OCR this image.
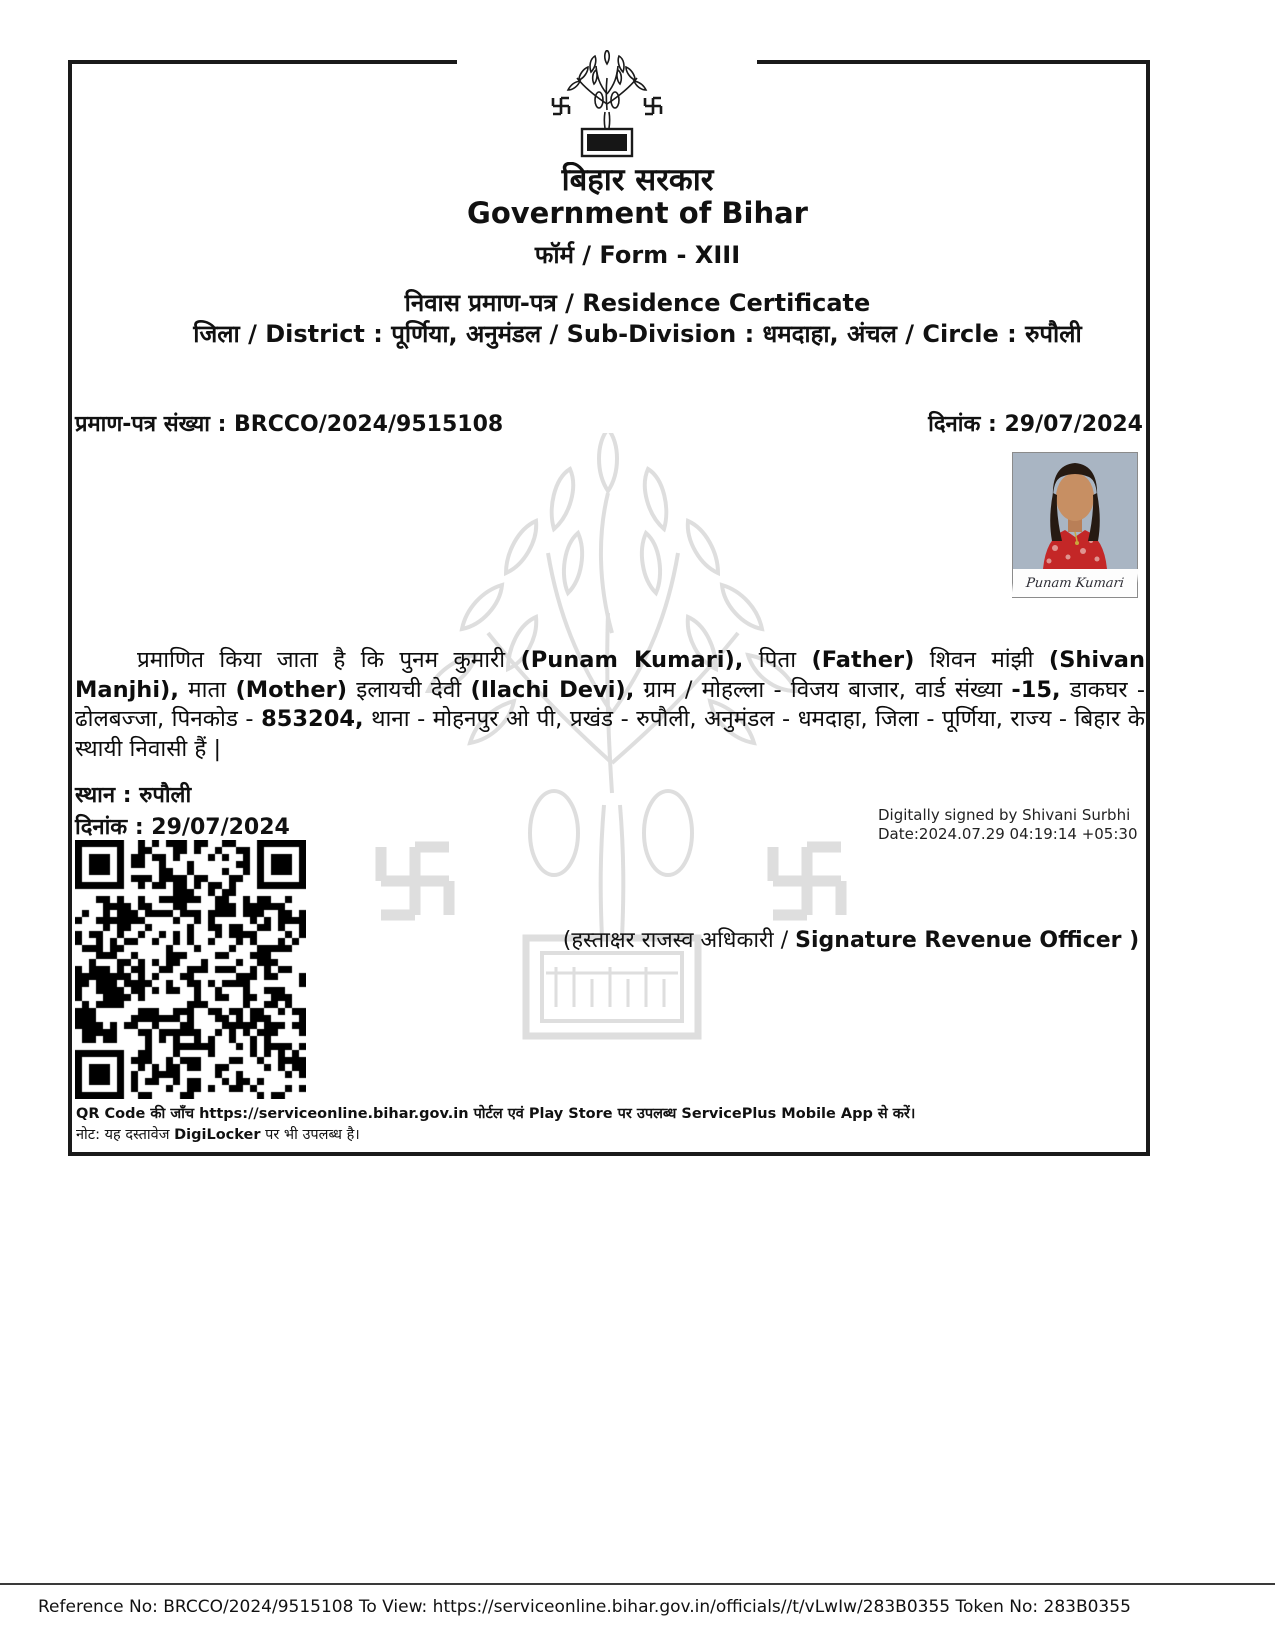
बिहार सरकार
Government of Bihar
फॉर्म / Form - XIII
निवास प्रमाण-पत्र / Residence Certificate
जिला / District : पूर्णिया, अनुमंडल / Sub-Division : धमदाहा, अंचल / Circle : रुपौली
प्रमाण-पत्र संख्या : BRCCO/2024/9515108	दिनांक : 29/07/2024
Punam Kumari

प्रमाणित किया जाता है कि पुनम कुमारी (Punam Kumari), पिता (Father) शिवन मांझी (Shivan Manjhi), माता (Mother) इलायची देवी (Ilachi Devi), ग्राम / मोहल्ला - विजय बाजार, वार्ड संख्या -15, डाकघर - ढोलबज्जा, पिनकोड - 853204, थाना - मोहनपुर ओ पी, प्रखंड - रुपौली, अनुमंडल - धमदाहा, जिला - पूर्णिया, राज्य - बिहार के स्थायी निवासी हैं |

स्थान : रुपौली
दिनांक : 29/07/2024	Digitally signed by Shivani Surbhi
Date:2024.07.29 04:19:14 +05:30
(हस्ताक्षर राजस्व अधिकारी / Signature Revenue Officer )
QR Code की जाँच https://serviceonline.bihar.gov.in पोर्टल एवं Play Store पर उपलब्ध ServicePlus Mobile App से करें।
नोट: यह दस्तावेज DigiLocker पर भी उपलब्ध है।
Reference No: BRCCO/2024/9515108 To View: https://serviceonline.bihar.gov.in/officials//t/vLwIw/283B0355 Token No: 283B0355
